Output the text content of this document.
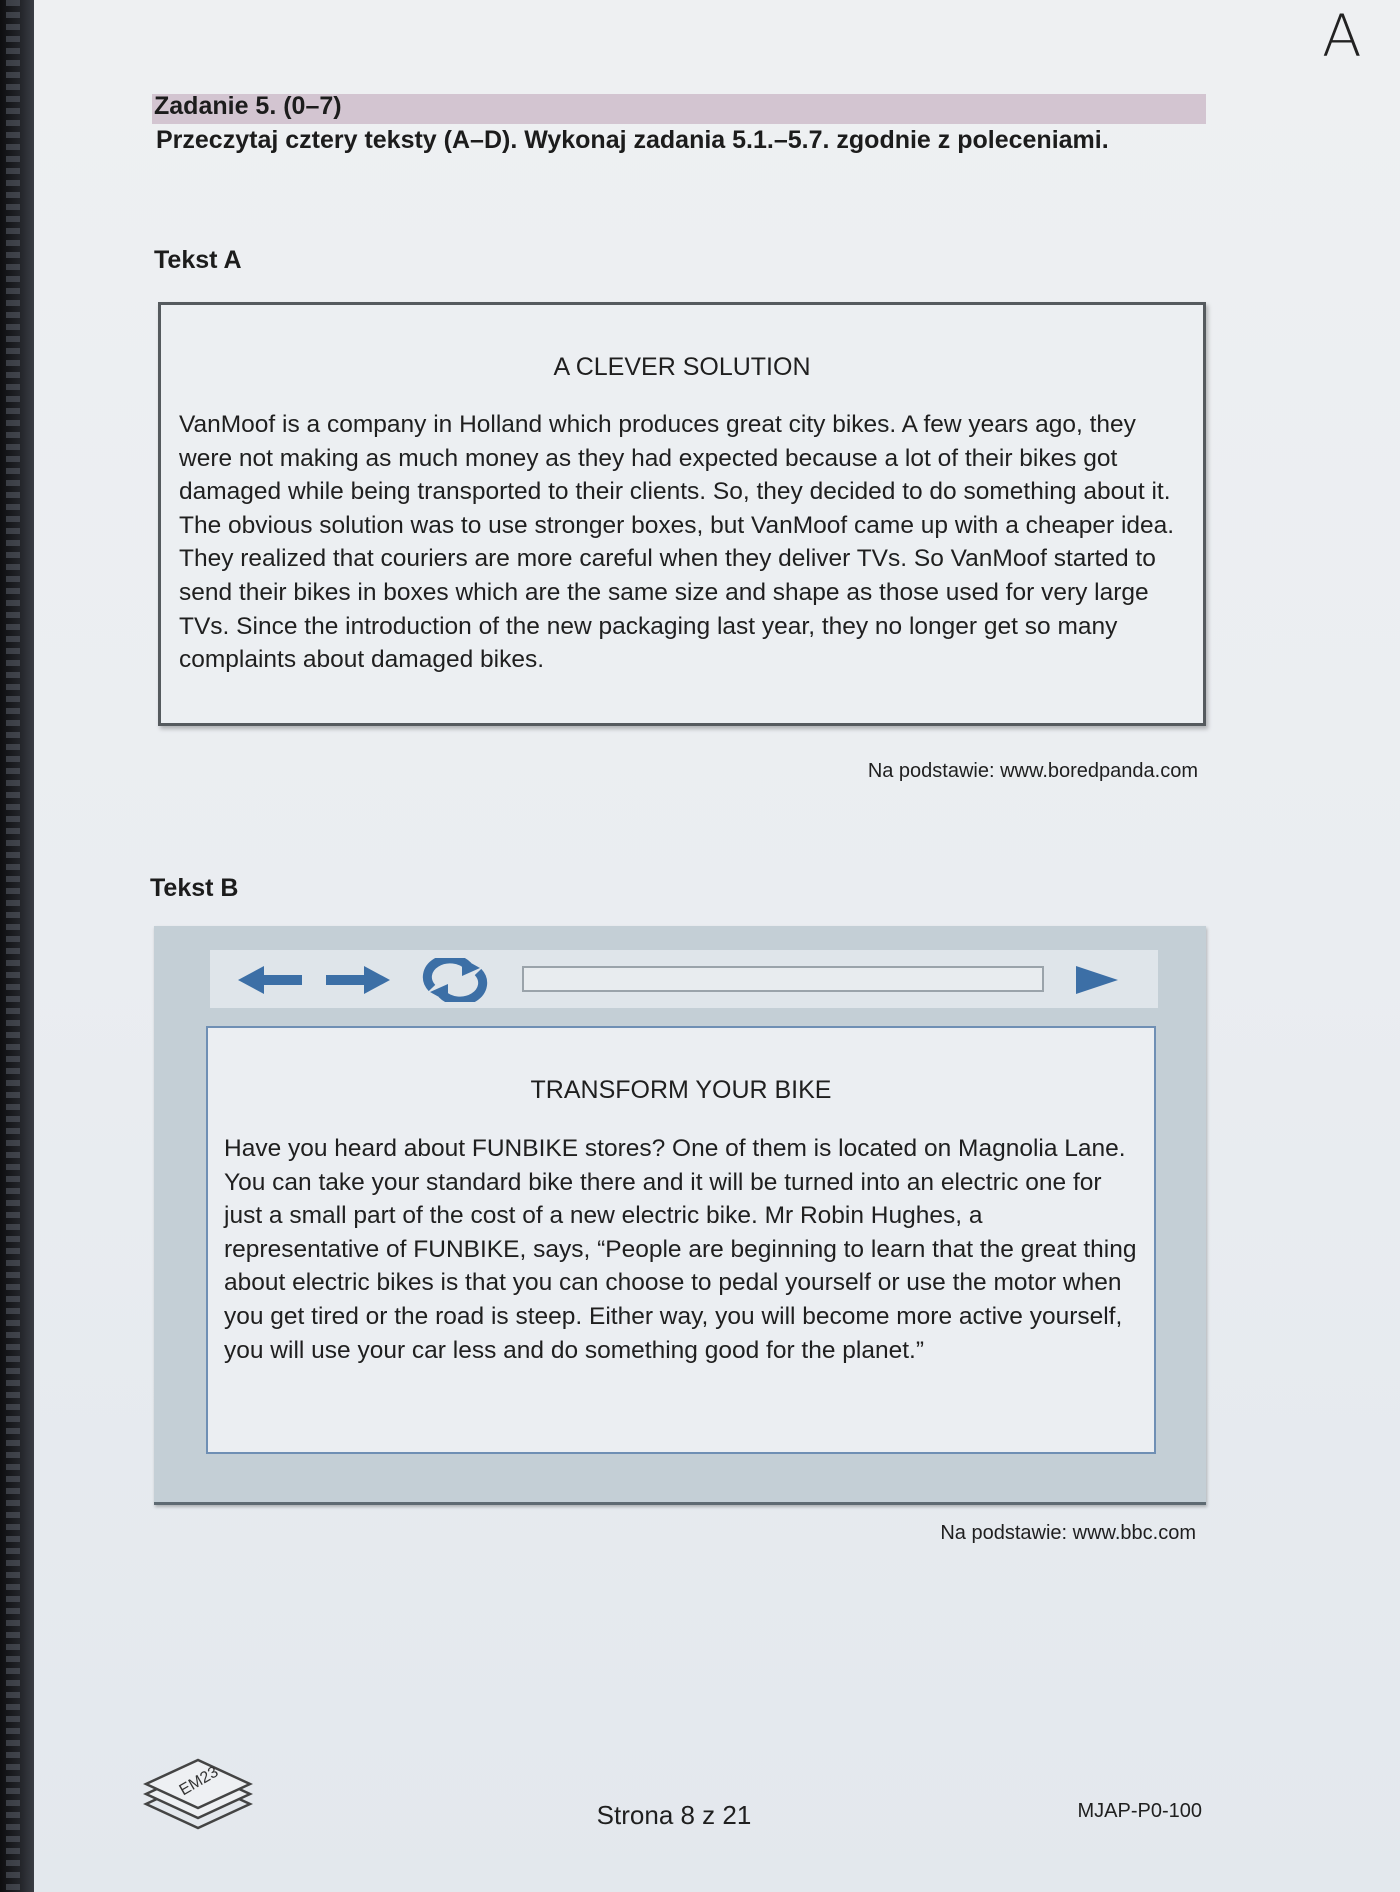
A
Zadanie 5. (0–7)
Przeczytaj cztery teksty (A–D). Wykonaj zadania 5.1.–5.7. zgodnie z poleceniami.
Tekst A
A CLEVER SOLUTION
VanMoof is a company in Holland which produces great city bikes. A few years ago, they were not making as much money as they had expected because a lot of their bikes got damaged while being transported to their clients. So, they decided to do something about it. The obvious solution was to use stronger boxes, but VanMoof came up with a cheaper idea. They realized that couriers are more careful when they deliver TVs. So VanMoof started to send their bikes in boxes which are the same size and shape as those used for very large TVs. Since the introduction of the new packaging last year, they no longer get so many complaints about damaged bikes.
Na podstawie: www.boredpanda.com
Tekst B
TRANSFORM YOUR BIKE
Have you heard about FUNBIKE stores? One of them is located on Magnolia Lane. You can take your standard bike there and it will be turned into an electric one for just a small part of the cost of a new electric bike. Mr Robin Hughes, a representative of FUNBIKE, says, “People are beginning to learn that the great thing about electric bikes is that you can choose to pedal yourself or use the motor when you get tired or the road is steep. Either way, you will become more active yourself, you will use your car less and do something good for the planet.”
Na podstawie: www.bbc.com
EM23
Strona 8 z 21	MJAP-P0-100
